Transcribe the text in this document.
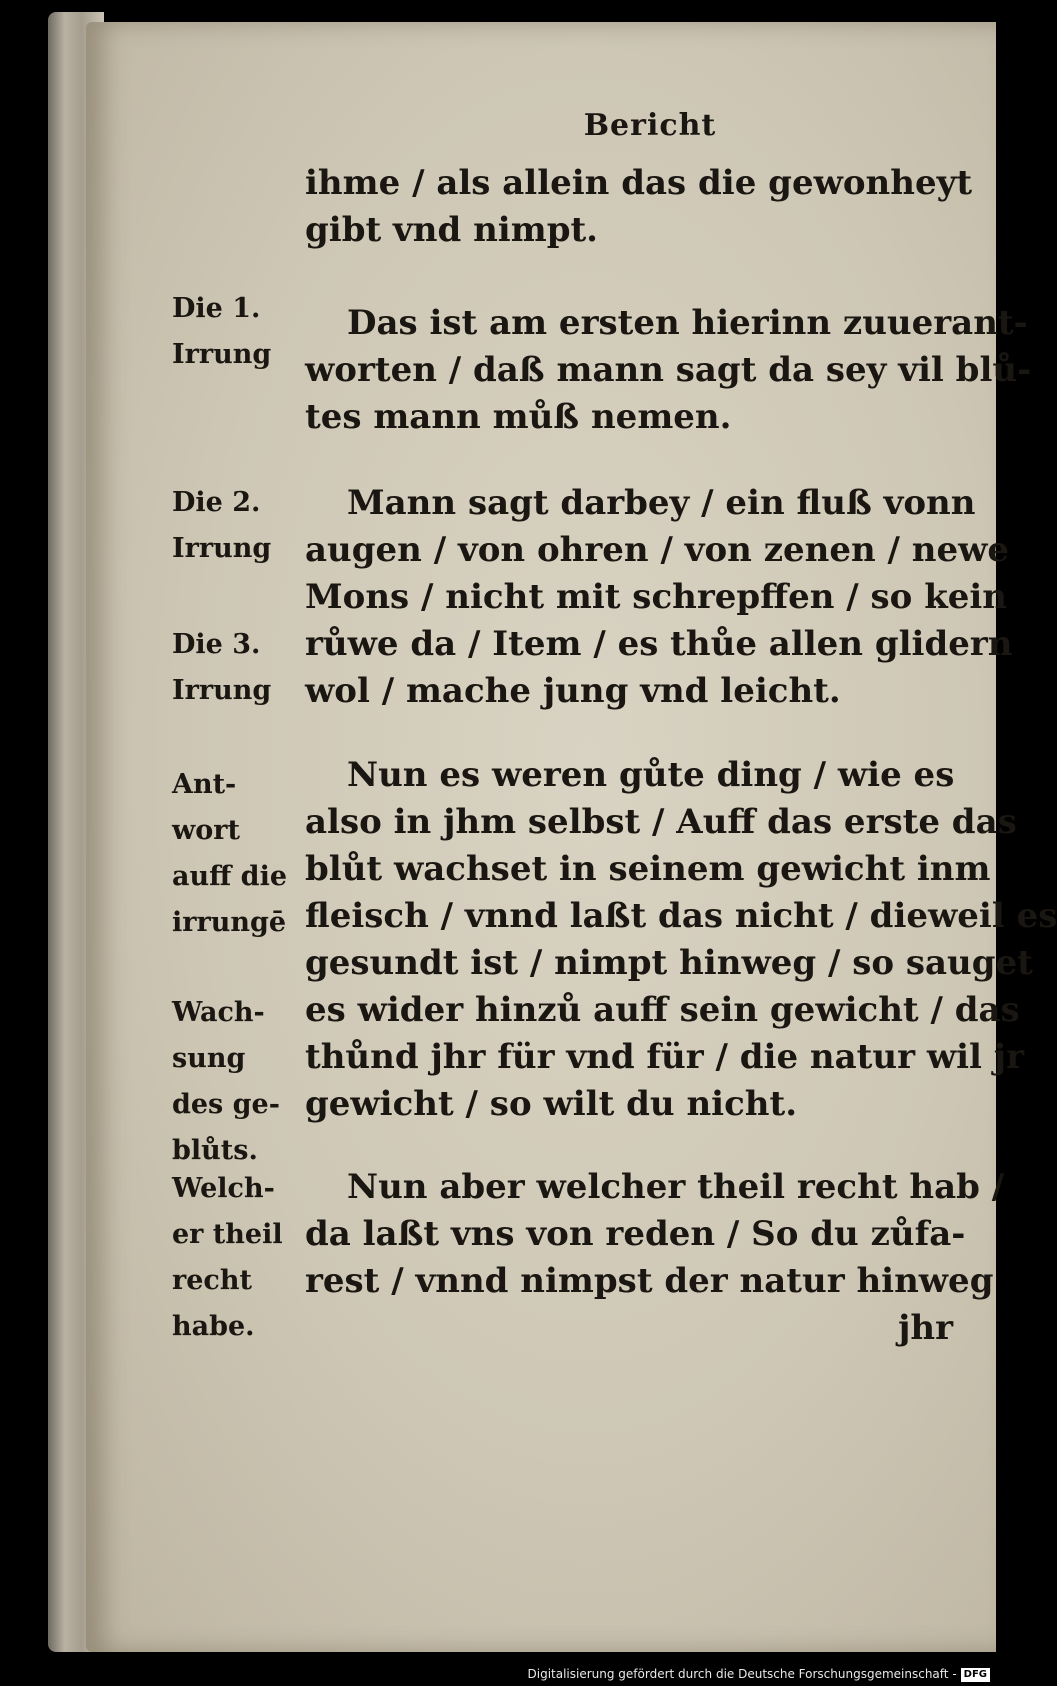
Bericht
ihme / als allein das die gewonheyt
gibt vnd nimpt.
Das ist am ersten hierinn zuuerant-
worten / daß mann sagt da sey vil blů-
tes mann můß nemen.
Mann sagt darbey / ein fluß vonn
augen / von ohren / von zenen / newe
Mons / nicht mit schrepffen / so kein
růwe da / Item / es thůe allen glidern
wol / mache jung vnd leicht.
Nun es weren gůte ding / wie es
also in jhm selbst / Auff das erste das
blůt wachset in seinem gewicht inm
fleisch / vnnd laßt das nicht / dieweil es
gesundt ist / nimpt hinweg / so sauget
es wider hinzů auff sein gewicht / das
thůnd jhr für vnd für / die natur wil jr
gewicht / so wilt du nicht.
Nun aber welcher theil recht hab /
da laßt vns von reden / So du zůfa-
rest / vnnd nimpst der natur hinweg
jhr
Die 1.
Irrung
Die 2.
Irrung
Die 3.
Irrung
Ant-
wort
auff die
irrungē
Wach-
sung
des ge-
blůts.
Welch-
er theil
recht
habe.
Digitalisierung gefördert durch die Deutsche Forschungsgemeinschaft - DFG
